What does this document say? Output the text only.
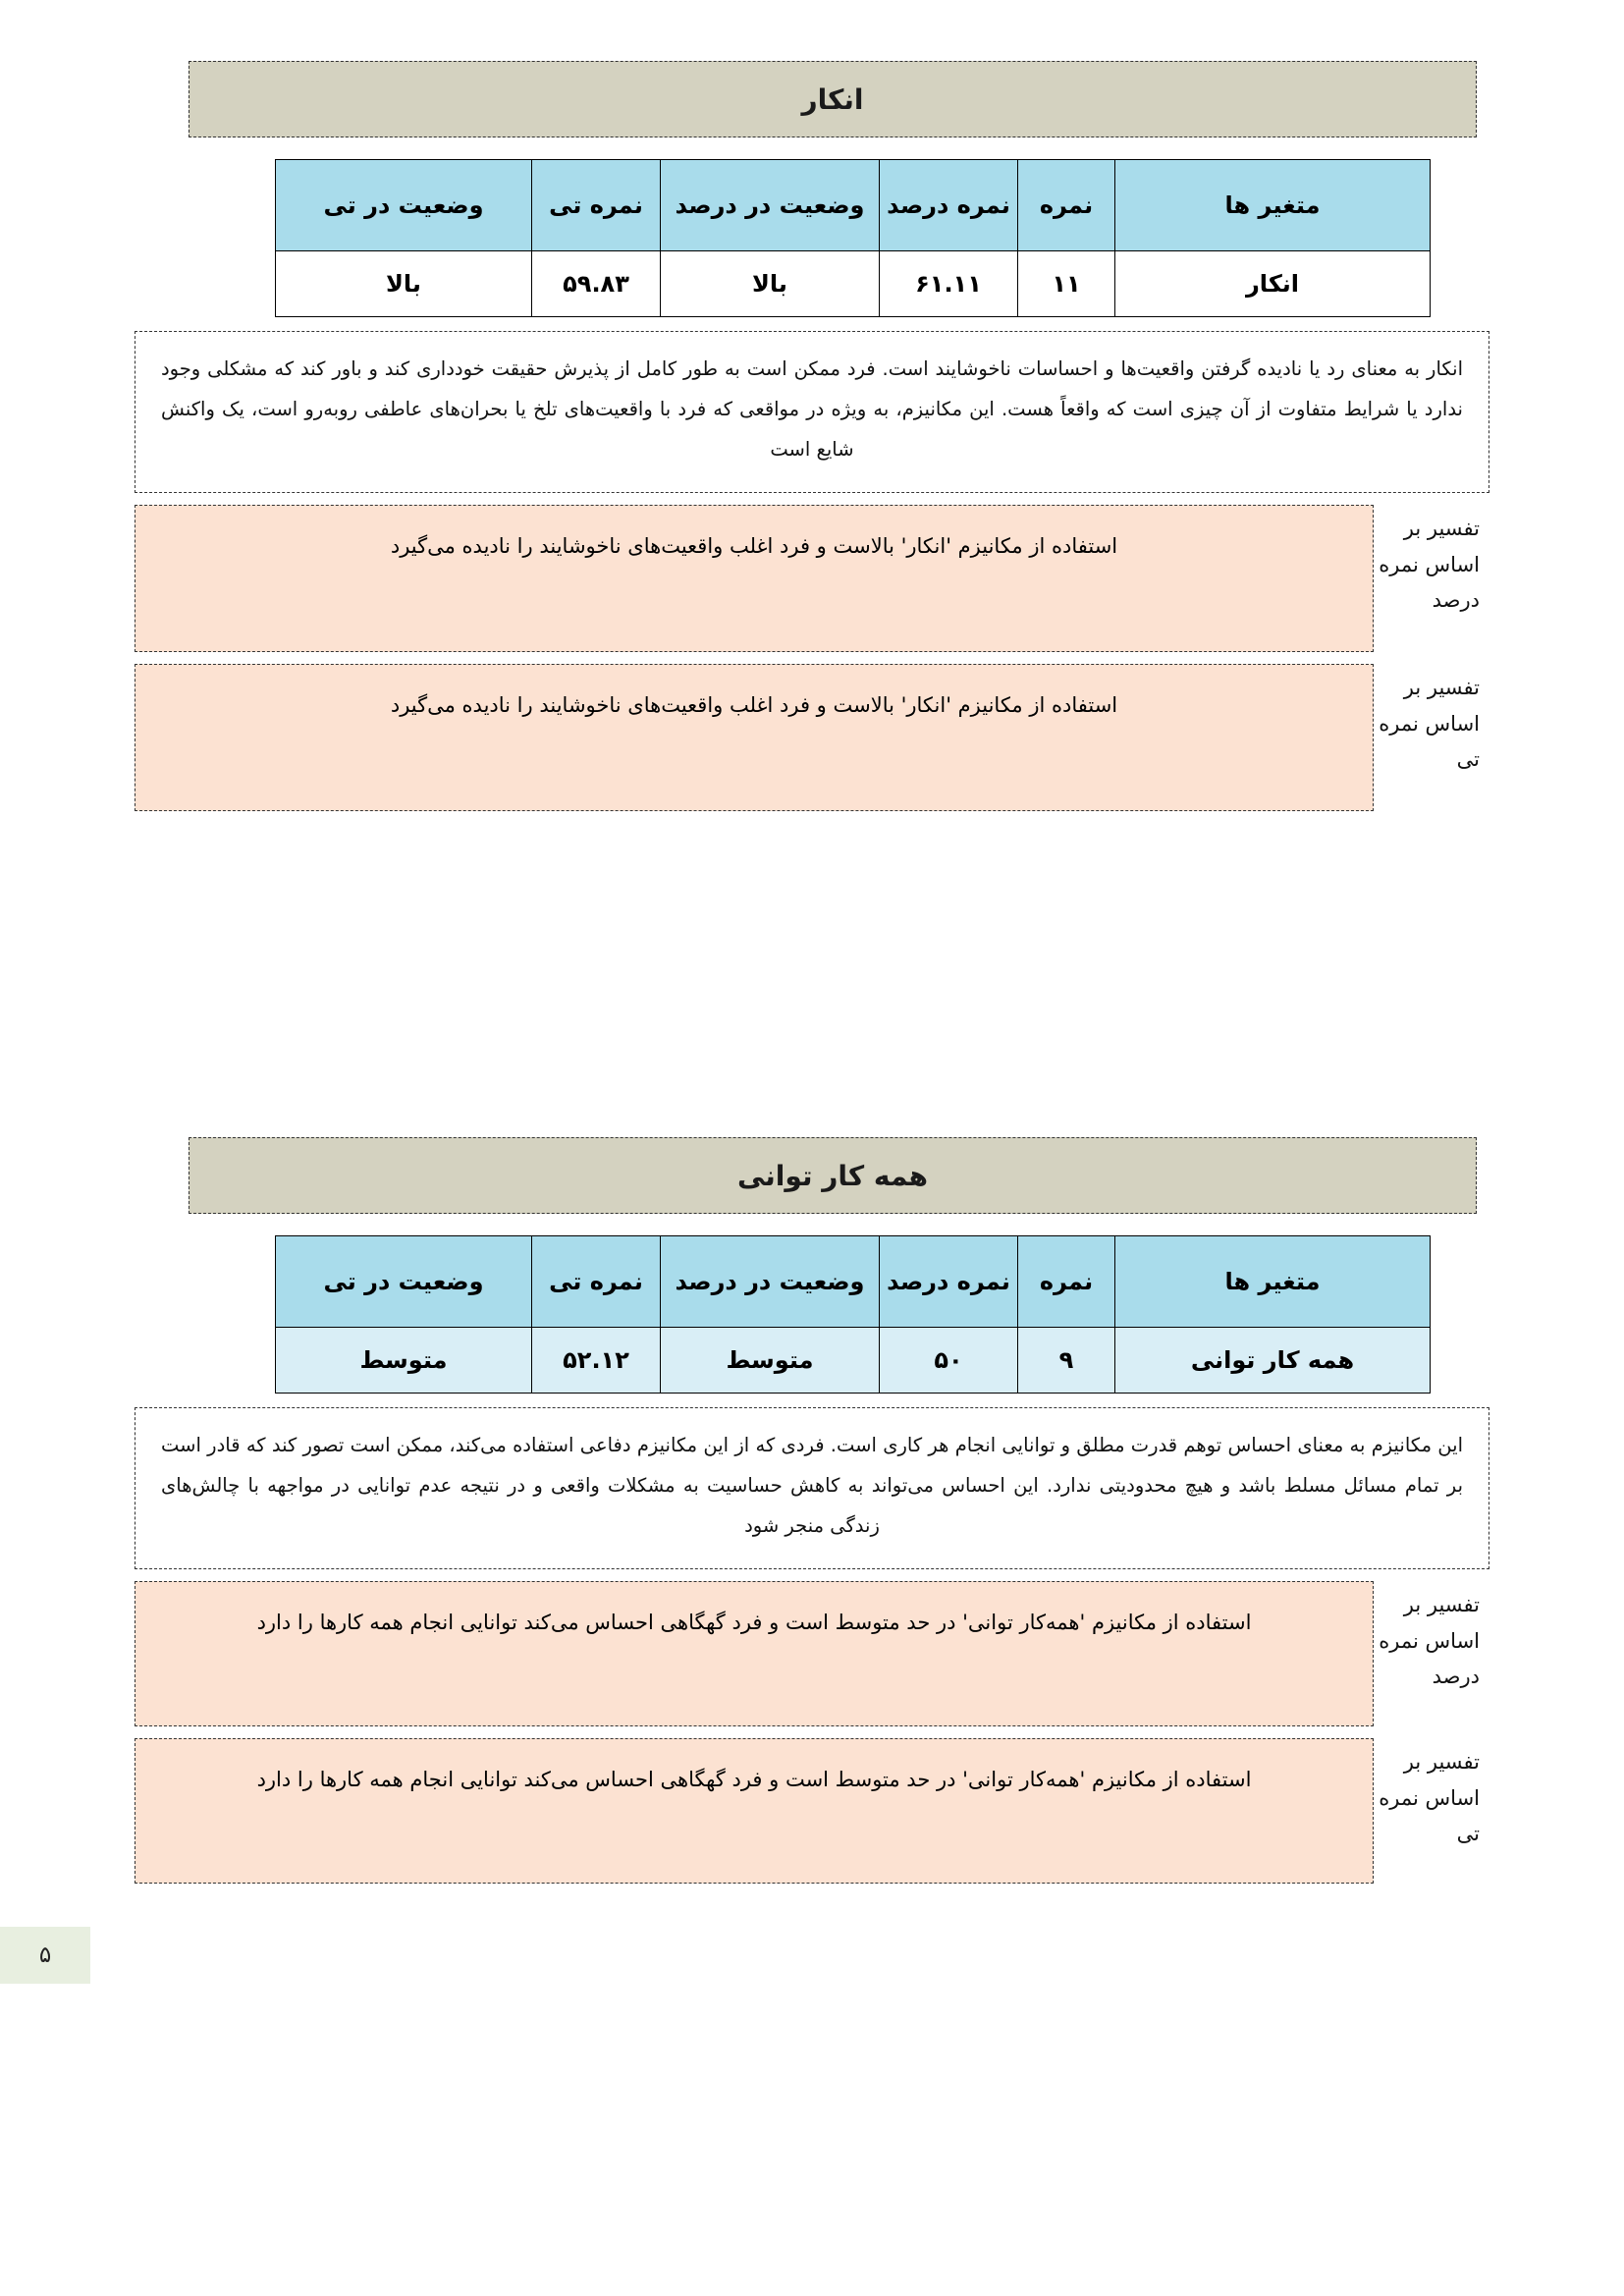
انکار
متغیر ها	نمره	نمره درصد	وضعیت در درصد	نمره تی	وضعیت در تی
انکار	۱۱	۶۱.۱۱	بالا	۵۹.۸۳	بالا
انکار به معنای رد یا نادیده گرفتن واقعیت‌ها و احساسات ناخوشایند است. فرد ممکن است به طور کامل از پذیرش حقیقت خودداری کند و باور کند که مشکلی وجود ندارد یا شرایط متفاوت از آن چیزی است که واقعاً هست. این مکانیزم، به ویژه در مواقعی که فرد با واقعیت‌های تلخ یا بحران‌های عاطفی روبه‌رو است، یک واکنش شایع است
تفسیر بر اساس نمره درصد
استفاده از مکانیزم 'انکار' بالاست و فرد اغلب واقعیت‌های ناخوشایند را نادیده می‌گیرد
تفسیر بر اساس نمره تی
استفاده از مکانیزم 'انکار' بالاست و فرد اغلب واقعیت‌های ناخوشایند را نادیده می‌گیرد
همه کار توانی
متغیر ها	نمره	نمره درصد	وضعیت در درصد	نمره تی	وضعیت در تی
همه کار توانی	۹	۵۰	متوسط	۵۲.۱۲	متوسط
این مکانیزم به معنای احساس توهم قدرت مطلق و توانایی انجام هر کاری است. فردی که از این مکانیزم دفاعی استفاده می‌کند، ممکن است تصور کند که قادر است بر تمام مسائل مسلط باشد و هیچ محدودیتی ندارد. این احساس می‌تواند به کاهش حساسیت به مشکلات واقعی و در نتیجه عدم توانایی در مواجهه با چالش‌های زندگی منجر شود
تفسیر بر اساس نمره درصد
استفاده از مکانیزم 'همه‌کار توانی' در حد متوسط است و فرد گهگاهی احساس می‌کند توانایی انجام همه کارها را دارد
تفسیر بر اساس نمره تی
استفاده از مکانیزم 'همه‌کار توانی' در حد متوسط است و فرد گهگاهی احساس می‌کند توانایی انجام همه کارها را دارد
۵
